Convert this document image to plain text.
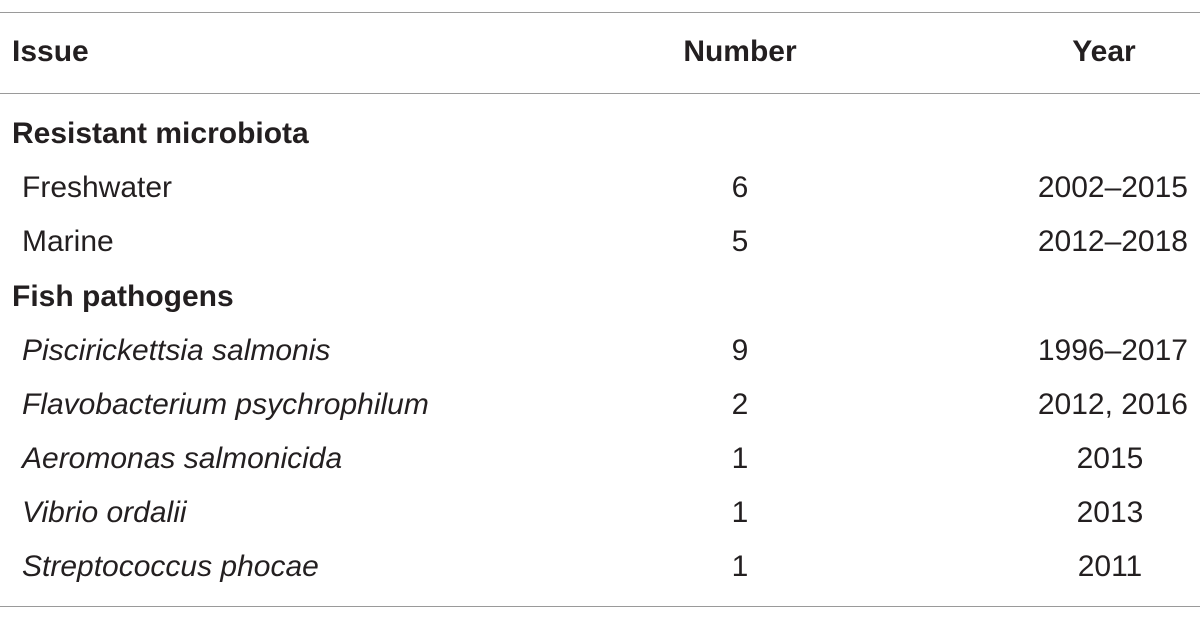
Issue	Number	Year
Resistant microbiota
Freshwater	6	2002–2015
Marine	5	2012–2018
Fish pathogens
Piscirickettsia salmonis	9	1996–2017
Flavobacterium psychrophilum	2	2012, 2016
Aeromonas salmonicida	1	2015
Vibrio ordalii	1	2013
Streptococcus phocae	1	2011
